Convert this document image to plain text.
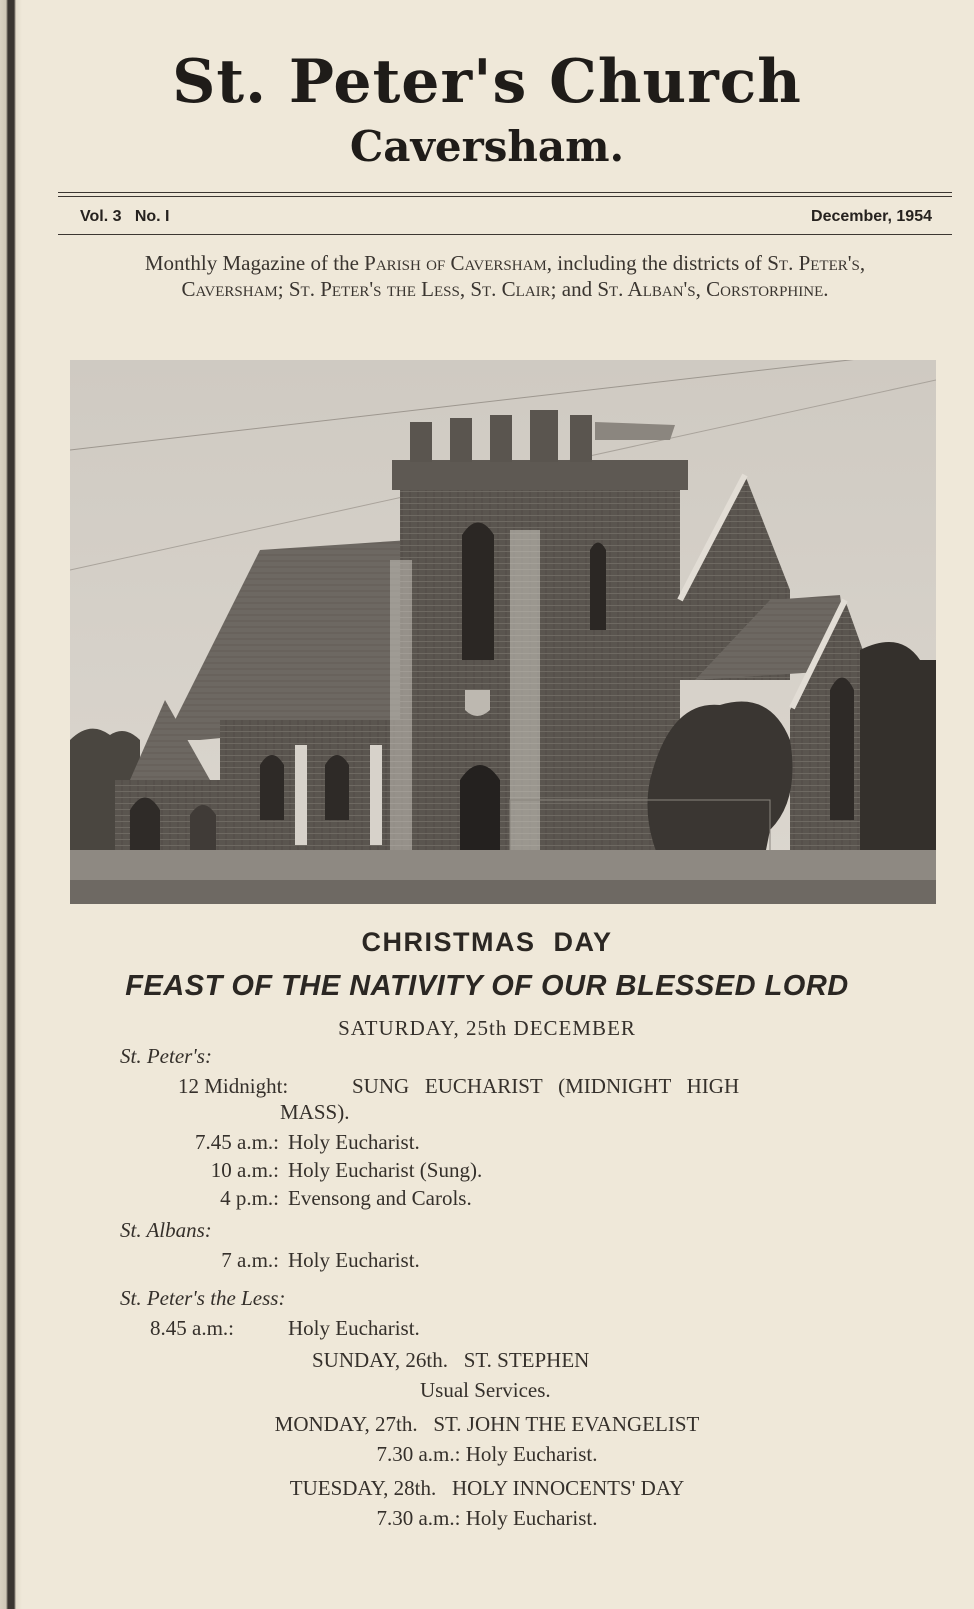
St. Peter's Church
Caversham.
Vol. 3   No. I	December, 1954
Monthly Magazine of the Parish of Caversham, including the districts of St. Peter's, Caversham; St. Peter's the Less, St. Clair; and St. Alban's, Corstorphine.
CHRISTMAS  DAY
FEAST OF THE NATIVITY OF OUR BLESSED LORD
SATURDAY, 25th DECEMBER
St. Peter's:
12 Midnight:	SUNG   EUCHARIST   (MIDNIGHT   HIGH
MASS).
7.45 a.m.: Holy Eucharist.
10 a.m.: Holy Eucharist (Sung).
4 p.m.: Evensong and Carols.
St. Albans:
7 a.m.: Holy Eucharist.
St. Peter's the Less:
8.45 a.m.:	Holy Eucharist.
SUNDAY, 26th.   ST. STEPHEN
Usual Services.
MONDAY, 27th.   ST. JOHN THE EVANGELIST
7.30 a.m.: Holy Eucharist.
TUESDAY, 28th.   HOLY INNOCENTS' DAY
7.30 a.m.: Holy Eucharist.
